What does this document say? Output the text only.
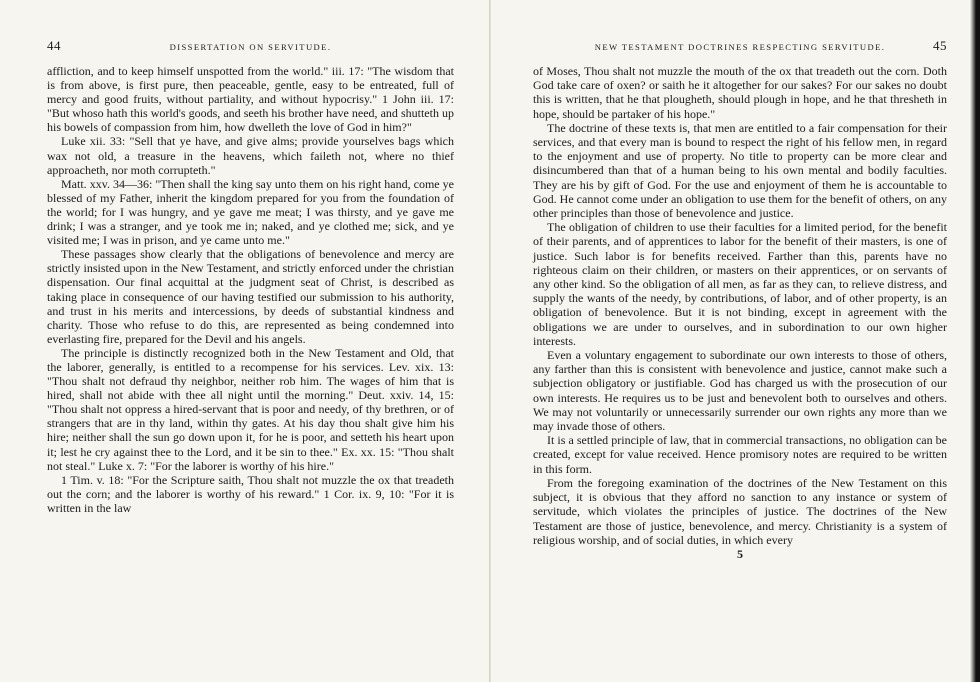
44	DISSERTATION ON SERVITUDE.

affliction, and to keep himself unspotted from the world." iii. 17: "The wisdom that is from above, is first pure, then peaceable, gentle, easy to be entreated, full of mercy and good fruits, without partiality, and without hypocrisy." 1 John iii. 17: "But whoso hath this world's goods, and seeth his brother have need, and shutteth up his bowels of compassion from him, how dwelleth the love of God in him?"

Luke xii. 33: "Sell that ye have, and give alms; provide yourselves bags which wax not old, a treasure in the heavens, which faileth not, where no thief approacheth, nor moth corrupteth."

Matt. xxv. 34—36: "Then shall the king say unto them on his right hand, come ye blessed of my Father, inherit the kingdom prepared for you from the foundation of the world; for I was hungry, and ye gave me meat; I was thirsty, and ye gave me drink; I was a stranger, and ye took me in; naked, and ye clothed me; sick, and ye visited me; I was in prison, and ye came unto me."

These passages show clearly that the obligations of benevolence and mercy are strictly insisted upon in the New Testament, and strictly enforced under the christian dispensation. Our final acquittal at the judgment seat of Christ, is described as taking place in consequence of our having testified our submission to his authority, and trust in his merits and intercessions, by deeds of substantial kindness and charity. Those who refuse to do this, are represented as being condemned into everlasting fire, prepared for the Devil and his angels.

The principle is distinctly recognized both in the New Testament and Old, that the laborer, generally, is entitled to a recompense for his services. Lev. xix. 13: "Thou shalt not defraud thy neighbor, neither rob him. The wages of him that is hired, shall not abide with thee all night until the morning." Deut. xxiv. 14, 15: "Thou shalt not oppress a hired-servant that is poor and needy, of thy brethren, or of strangers that are in thy land, within thy gates. At his day thou shalt give him his hire; neither shall the sun go down upon it, for he is poor, and setteth his heart upon it; lest he cry against thee to the Lord, and it be sin to thee." Ex. xx. 15: "Thou shalt not steal." Luke x. 7: "For the laborer is worthy of his hire."

1 Tim. v. 18: "For the Scripture saith, Thou shalt not muzzle the ox that treadeth out the corn; and the laborer is worthy of his reward." 1 Cor. ix. 9, 10: "For it is written in the law

NEW TESTAMENT DOCTRINES RESPECTING SERVITUDE.	45

of Moses, Thou shalt not muzzle the mouth of the ox that treadeth out the corn. Doth God take care of oxen? or saith he it altogether for our sakes? For our sakes no doubt this is written, that he that plougheth, should plough in hope, and he that thresheth in hope, should be partaker of his hope."

The doctrine of these texts is, that men are entitled to a fair compensation for their services, and that every man is bound to respect the right of his fellow men, in regard to the enjoyment and use of property. No title to property can be more clear and disincumbered than that of a human being to his own mental and bodily faculties. They are his by gift of God. For the use and enjoyment of them he is accountable to God. He cannot come under an obligation to use them for the benefit of others, on any other principles than those of benevolence and justice.

The obligation of children to use their faculties for a limited period, for the benefit of their parents, and of apprentices to labor for the benefit of their masters, is one of justice. Such labor is for benefits received. Farther than this, parents have no righteous claim on their children, or masters on their apprentices, or on servants of any other kind. So the obligation of all men, as far as they can, to relieve distress, and supply the wants of the needy, by contributions, of labor, and of other property, is an obligation of benevolence. But it is not binding, except in agreement with the obligations we are under to ourselves, and in subordination to our own higher interests.

Even a voluntary engagement to subordinate our own interests to those of others, any farther than this is consistent with benevolence and justice, cannot make such a subjection obligatory or justifiable. God has charged us with the prosecution of our own interests. He requires us to be just and benevolent both to ourselves and others. We may not voluntarily or unnecessarily surrender our own rights any more than we may invade those of others.

It is a settled principle of law, that in commercial transactions, no obligation can be created, except for value received. Hence promisory notes are required to be written in this form.

From the foregoing examination of the doctrines of the New Testament on this subject, it is obvious that they afford no sanction to any instance or system of servitude, which violates the principles of justice. The doctrines of the New Testament are those of justice, benevolence, and mercy. Christianity is a system of religious worship, and of social duties, in which every

5
